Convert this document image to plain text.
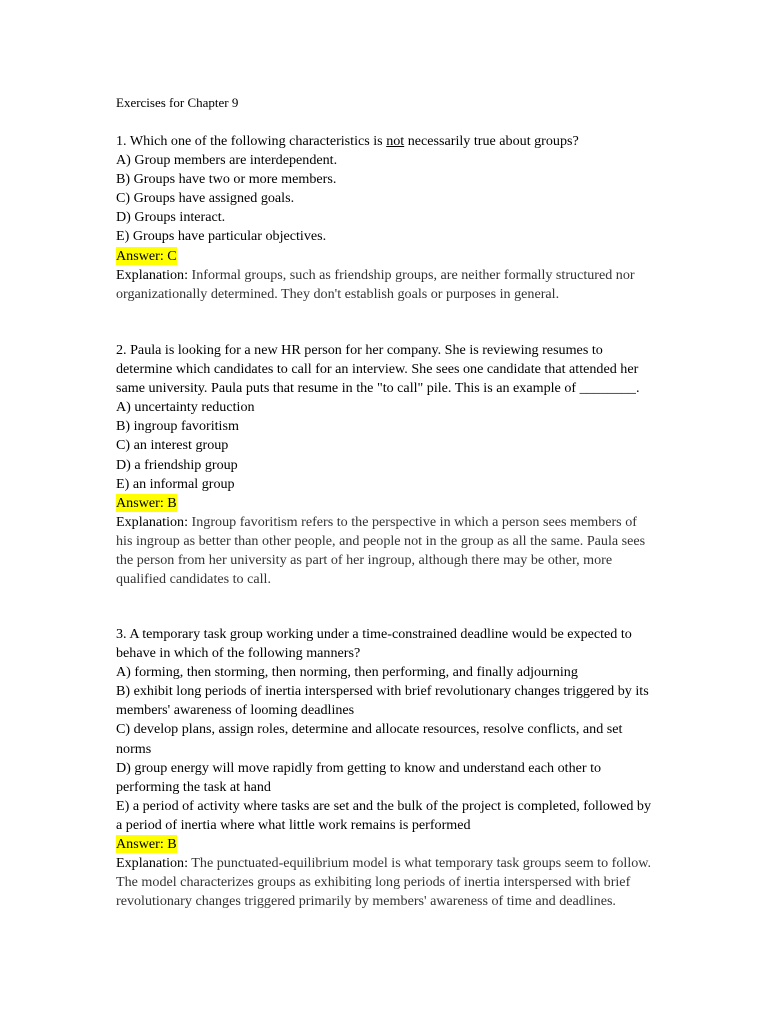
Exercises for Chapter 9
1. Which one of the following characteristics is not necessarily true about groups?
A) Group members are interdependent.
B) Groups have two or more members.
C) Groups have assigned goals.
D) Groups interact.
E) Groups have particular objectives.
Answer: C
Explanation: Informal groups, such as friendship groups, are neither formally structured nor organizationally determined. They don't establish goals or purposes in general.
2. Paula is looking for a new HR person for her company. She is reviewing resumes to determine which candidates to call for an interview. She sees one candidate that attended her same university. Paula puts that resume in the "to call" pile. This is an example of ________.
A) uncertainty reduction
B) ingroup favoritism
C) an interest group
D) a friendship group
E) an informal group
Answer: B
Explanation: Ingroup favoritism refers to the perspective in which a person sees members of his ingroup as better than other people, and people not in the group as all the same. Paula sees the person from her university as part of her ingroup, although there may be other, more qualified candidates to call.
3. A temporary task group working under a time-constrained deadline would be expected to behave in which of the following manners?
A) forming, then storming, then norming, then performing, and finally adjourning
B) exhibit long periods of inertia interspersed with brief revolutionary changes triggered by its members' awareness of looming deadlines
C) develop plans, assign roles, determine and allocate resources, resolve conflicts, and set norms
D) group energy will move rapidly from getting to know and understand each other to performing the task at hand
E) a period of activity where tasks are set and the bulk of the project is completed, followed by a period of inertia where what little work remains is performed
Answer: B
Explanation: The punctuated-equilibrium model is what temporary task groups seem to follow. The model characterizes groups as exhibiting long periods of inertia interspersed with brief revolutionary changes triggered primarily by members' awareness of time and deadlines.
